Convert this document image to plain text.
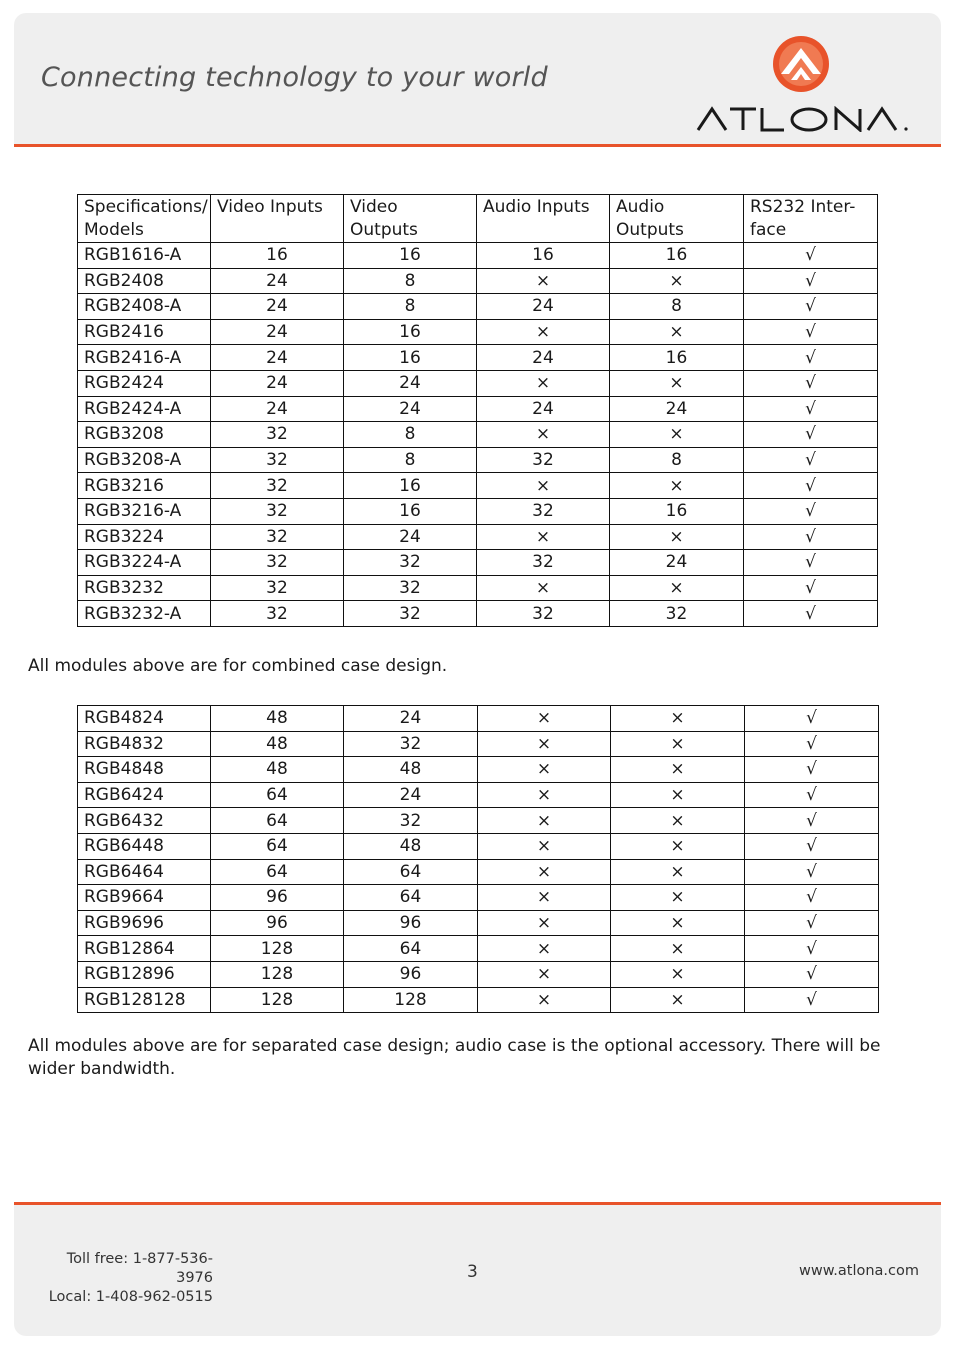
Connecting technology to your world
Specifications/ Models	Video Inputs	Video Outputs	Audio Inputs	Audio Outputs	RS232 Inter- face
RGB1616-A	16	16	16	16	√
RGB2408	24	8	×	×	√
RGB2408-A	24	8	24	8	√
RGB2416	24	16	×	×	√
RGB2416-A	24	16	24	16	√
RGB2424	24	24	×	×	√
RGB2424-A	24	24	24	24	√
RGB3208	32	8	×	×	√
RGB3208-A	32	8	32	8	√
RGB3216	32	16	×	×	√
RGB3216-A	32	16	32	16	√
RGB3224	32	24	×	×	√
RGB3224-A	32	32	32	24	√
RGB3232	32	32	×	×	√
RGB3232-A	32	32	32	32	√
All modules above are for combined case design.
RGB4824	48	24	×	×	√
RGB4832	48	32	×	×	√
RGB4848	48	48	×	×	√
RGB6424	64	24	×	×	√
RGB6432	64	32	×	×	√
RGB6448	64	48	×	×	√
RGB6464	64	64	×	×	√
RGB9664	96	64	×	×	√
RGB9696	96	96	×	×	√
RGB12864	128	64	×	×	√
RGB12896	128	96	×	×	√
RGB128128	128	128	×	×	√
All modules above are for separated case design; audio case is the optional accessory. There will be wider bandwidth.
Toll free: 1-877-536-3976
Local: 1-408-962-0515
3	www.atlona.com
